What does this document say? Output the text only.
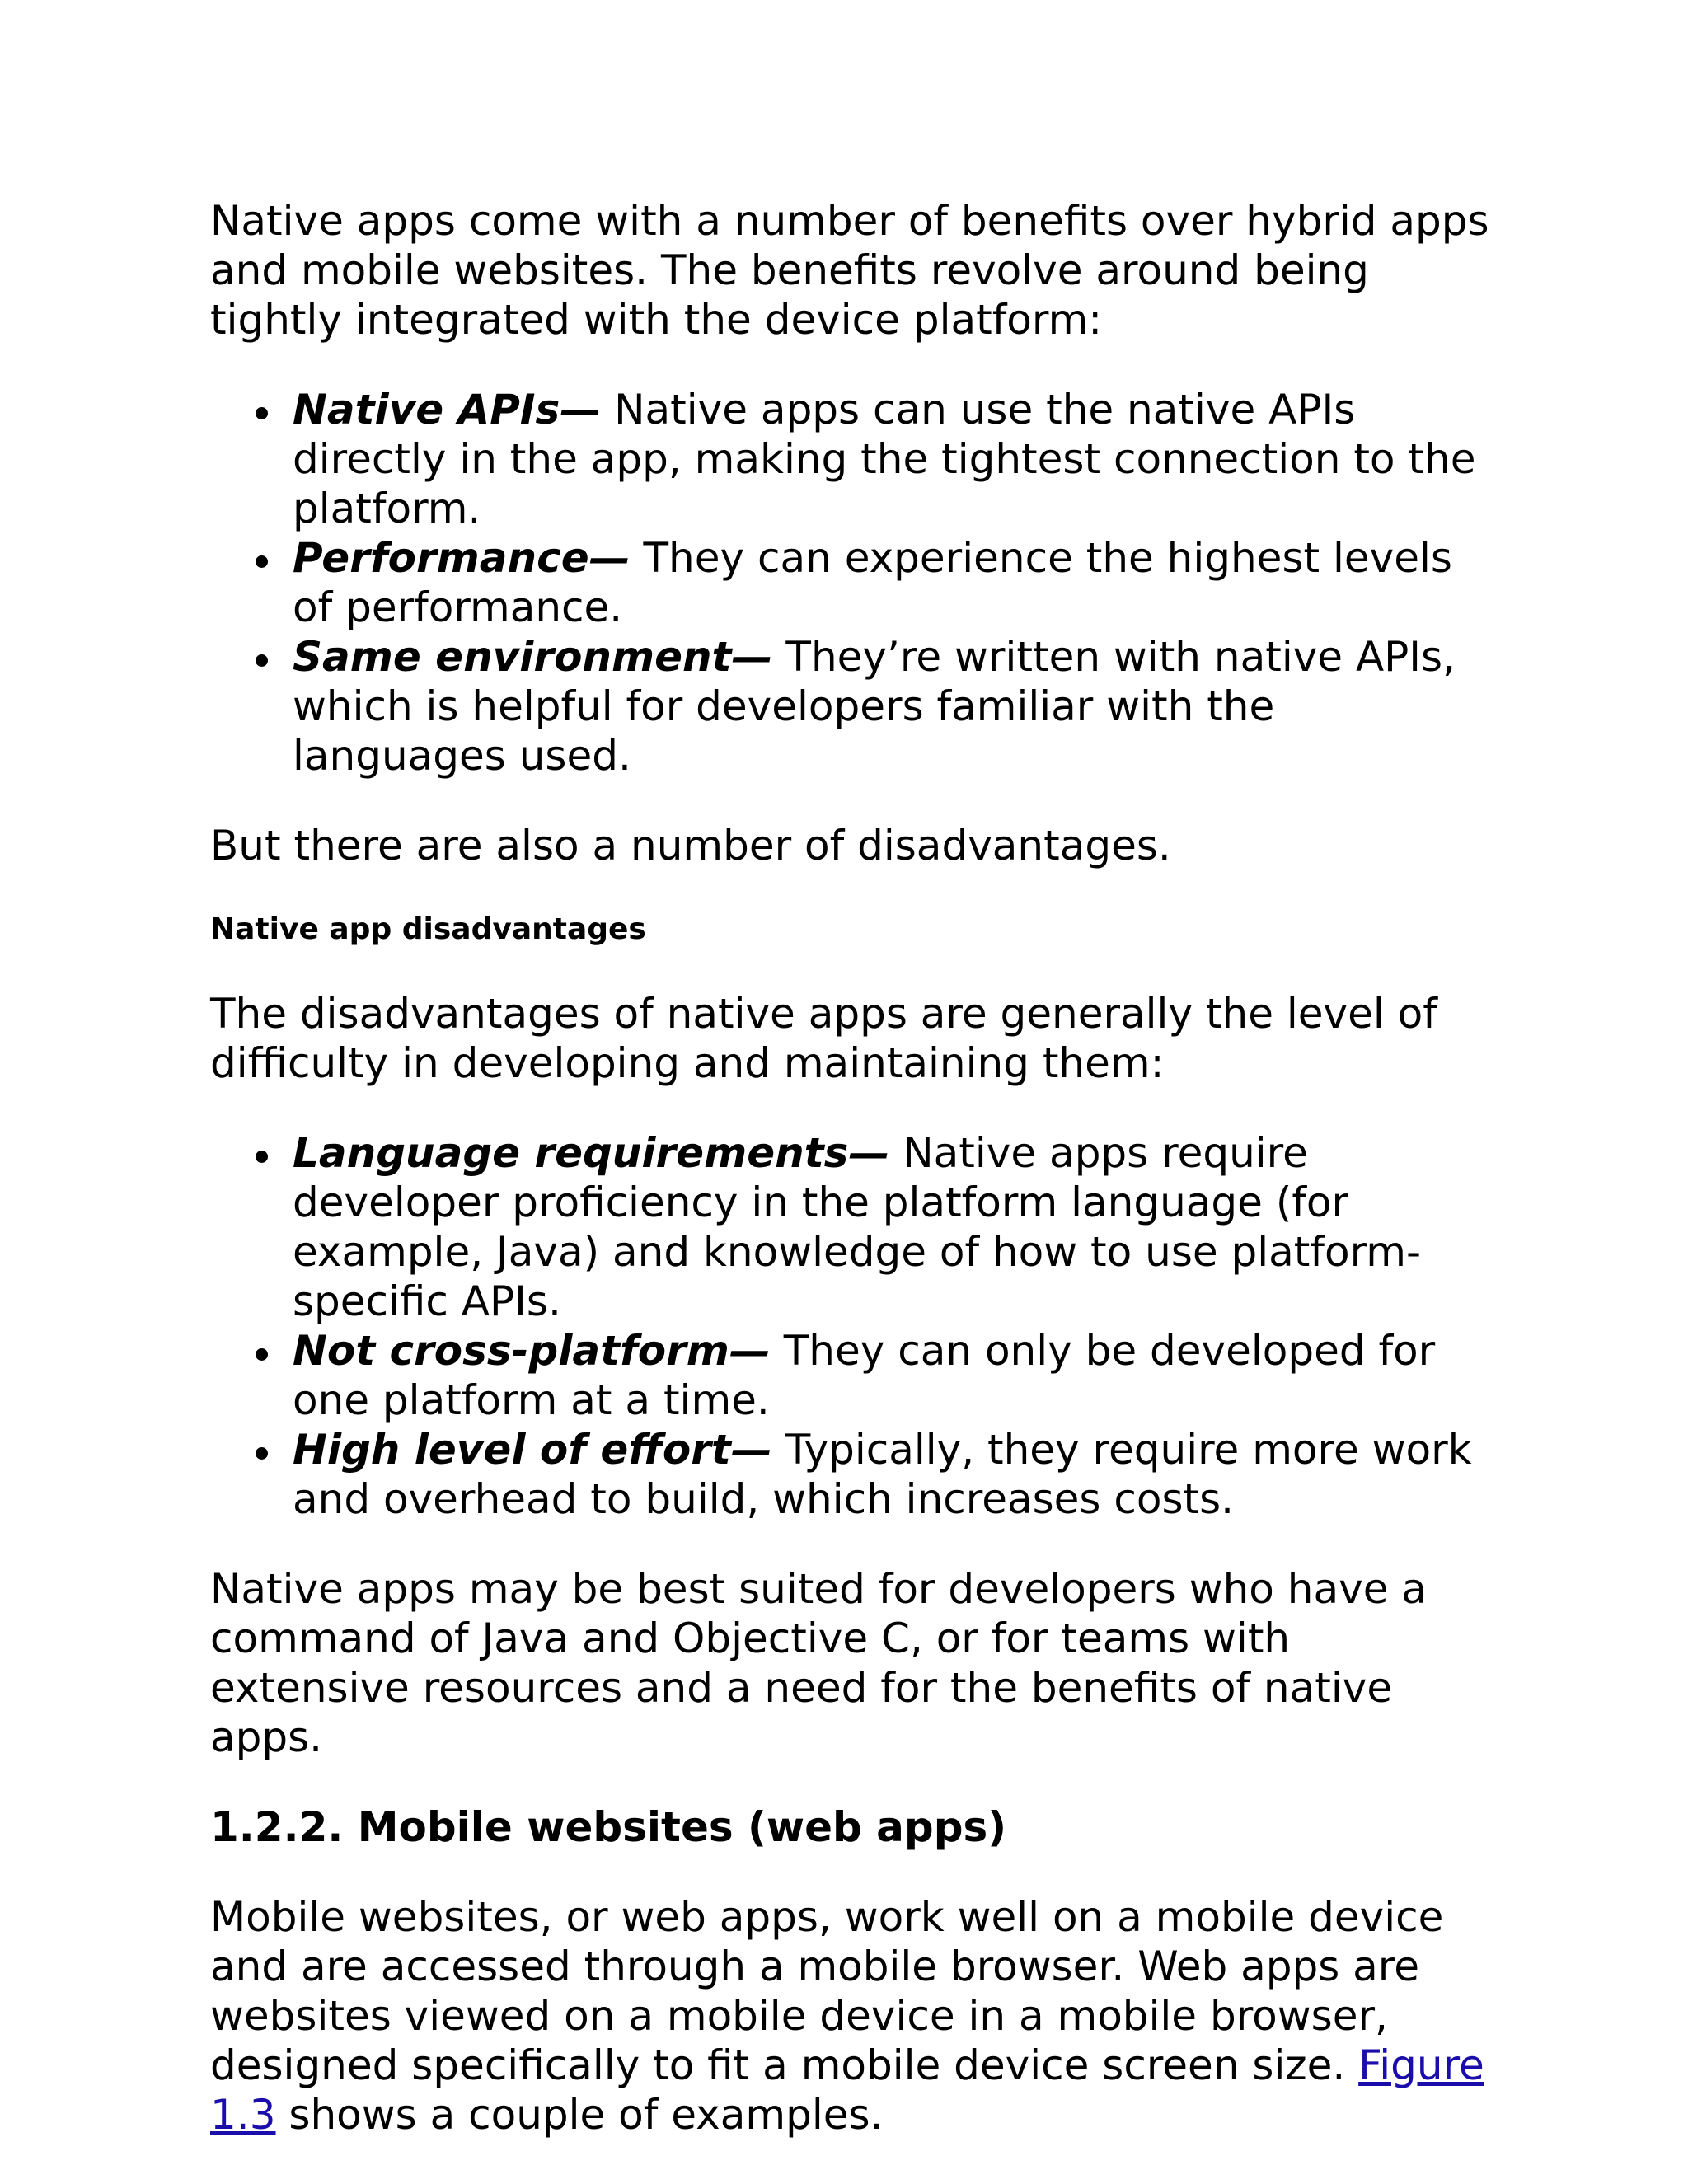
Native apps come with a number of benefits over hybrid apps and mobile websites. The benefits revolve around being tightly integrated with the device platform:

Native APIs— Native apps can use the native APIs directly in the app, making the tightest connection to the platform.
Performance— They can experience the highest levels of performance.
Same environment— They’re written with native APIs, which is helpful for developers familiar with the languages used.

But there are also a number of disadvantages.

Native app disadvantages

The disadvantages of native apps are generally the level of difficulty in developing and maintaining them:

Language requirements— Native apps require developer proficiency in the platform language (for example, Java) and knowledge of how to use platform-specific APIs.
Not cross-platform— They can only be developed for one platform at a time.
High level of effort— Typically, they require more work and overhead to build, which increases costs.

Native apps may be best suited for developers who have a command of Java and Objective C, or for teams with extensive resources and a need for the benefits of native apps.

1.2.2. Mobile websites (web apps)

Mobile websites, or web apps, work well on a mobile device and are accessed through a mobile browser. Web apps are websites viewed on a mobile device in a mobile browser, designed specifically to fit a mobile device screen size. Figure 1.3 shows a couple of examples.
